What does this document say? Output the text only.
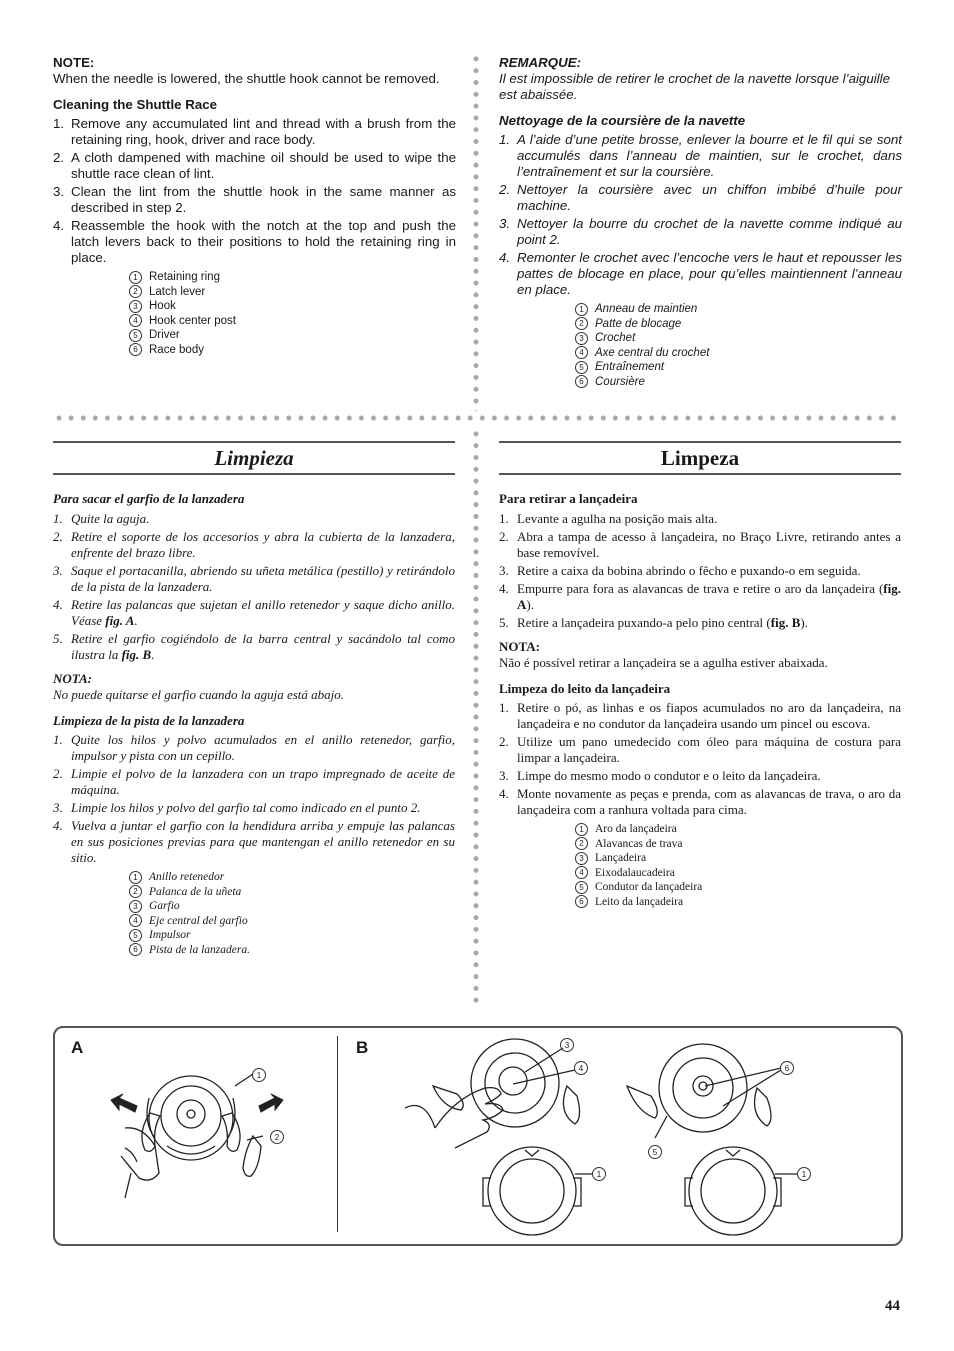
NOTE:

When the needle is lowered, the shuttle hook cannot be removed.

Cleaning the Shuttle Race

1. Remove any accumulated lint and thread with a brush from the retaining ring, hook, driver and race body.
2. A cloth dampened with machine oil should be used to wipe the shuttle race clean of lint.
3. Clean the lint from the shuttle hook in the same manner as described in step 2.
4. Reassemble the hook with the notch at the top and push the latch levers back to their positions to hold the retaining ring in place.
1 Retaining ring
2 Latch lever
3 Hook
4 Hook center post
5 Driver
6 Race body

REMARQUE:

Il est impossible de retirer le crochet de la navette lorsque l’aiguille est abaissée.

Nettoyage de la coursière de la navette

1. A l’aide d’une petite brosse, enlever la bourre et le fil qui se sont accumulés dans l’anneau de maintien, sur le crochet, dans l’entraînement et sur la coursière.
2. Nettoyer la coursière avec un chiffon imbibé d’huile pour machine.
3. Nettoyer la bourre du crochet de la navette comme indiqué au point 2.
4. Remonter le crochet avec l’encoche vers le haut et repousser les pattes de blocage en place, pour qu’elles maintiennent l’anneau en place.
1 Anneau de maintien
2 Patte de blocage
3 Crochet
4 Axe central du crochet
5 Entraînement
6 Coursière
Limpieza	Limpeza

Para sacar el garfio de la lanzadera

1. Quite la aguja.
2. Retire el soporte de los accesorios y abra la cubierta de la lanzadera, enfrente del brazo libre.
3. Saque el portacanilla, abriendo su uñeta metálica (pestillo) y retirándolo de la pista de la lanzadera.
4. Retire las palancas que sujetan el anillo retenedor y saque dicho anillo. Véase fig. A.
5. Retire el garfio cogiéndolo de la barra central y sacándolo tal como ilustra la fig. B.

NOTA:

No puede quitarse el garfio cuando la aguja está abajo.

Limpieza de la pista de la lanzadera

1. Quite los hilos y polvo acumulados en el anillo retenedor, garfio, impulsor y pista con un cepillo.
2. Limpie el polvo de la lanzadera con un trapo impregnado de aceite de máquina.
3. Limpie los hilos y polvo del garfio tal como indicado en el punto 2.
4. Vuelva a juntar el garfio con la hendidura arriba y empuje las palancas en sus posiciones previas para que mantengan el anillo retenedor en su sitio.
1 Anillo retenedor
2 Palanca de la uñeta
3 Garfio
4 Eje central del garfio
5 Impulsor
6 Pista de la lanzadera.

Para retirar a lançadeira

1. Levante a agulha na posição mais alta.
2. Abra a tampa de acesso à lançadeira, no Braço Livre, retirando antes a base removível.
3. Retire a caixa da bobina abrindo o fêcho e puxando-o em seguida.
4. Empurre para fora as alavancas de trava e retire o aro da lançadeira (fig. A).
5. Retire a lançadeira puxando-a pelo pino central (fig. B).

NOTA:

Não é possível retirar a lançadeira se a agulha estiver abaixada.

Limpeza do leito da lançadeira

1. Retire o pó, as linhas e os fiapos acumulados no aro da lançadeira, na lançadeira e no condutor da lançadeira usando um pincel ou escova.
2. Utilize um pano umedecido com óleo para máquina de costura para limpar a lançadeira.
3. Limpe do mesmo modo o condutor e o leito da lançadeira.
4. Monte novamente as peças e prenda, com as alavancas de trava, o aro da lançadeira com a ranhura voltada para cima.
1 Aro da lançadeira
2 Alavancas de trava
3 Lançadeira
4 Eixodalaucadeira
5 Condutor da lançadeira
6 Leito da lançadeira
A	B
1
2
3
4
1
6
5
1
44
